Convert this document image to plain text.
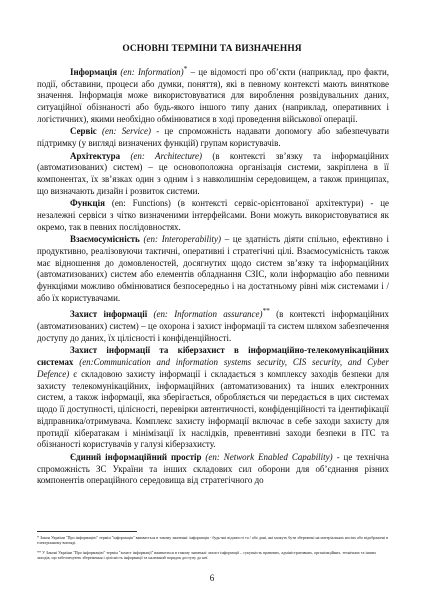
ОСНОВНІ ТЕРМІНИ ТА ВИЗНАЧЕННЯ

Інформація (en: Information)* – це відомості про об’єкти (наприклад, про факти, події, обставини, процеси або думки, поняття), які в певному контексті мають виняткове значення. Інформація може використовуватися для вироблення розвідувальних даних, ситуаційної обізнаності або будь-якого іншого типу даних (наприклад, оперативних і логістичних), якими необхідно обмінюватися в ході проведення військової операції.

Сервіс (en: Service) - це спроможність надавати допомогу або забезпечувати підтримку (у вигляді визначених функцій) групам користувачів.

Архітектура (en: Architecture) (в контексті зв’язку та інформаційних (автоматизованих) систем) – це основоположна організація системи, закріплена в її компонентах, їх зв’язках один з одним і з навколишнім середовищем, а також принципах, що визначають дизайн і розвиток системи.

Функція (en: Functions) (в контексті сервіс-орієнтованої архітектури) - це незалежні сервіси з чітко визначеними інтерфейсами. Вони можуть використовуватися як окремо, так в певних послідовностях.

Взаємосумісність (en: Interoperability) – це здатність діяти спільно, ефективно і продуктивно, реалізовуючи тактичні, оперативні і стратегічні цілі. Взаємосумісність також має відношення до домовленостей, досягнутих щодо систем зв’язку та інформаційних (автоматизованих) систем або елементів обладнання СЗІС, коли інформацію або певними функціями можливо обмінюватися безпосередньо і на достатньому рівні між системами і / або їх користувачами.

Захист інформації (en: Information assurance)** (в контексті інформаційних (автоматизованих) систем) – це охорона і захист інформації та систем шляхом забезпечення доступу до даних, їх цілісності і конфіденційності.

Захист інформації та кіберзахист в інформаційно-телекомунікаційних системах (en:Communication and information systems security, CIS security, and Cyber Defence) є складовою захисту інформації і складається з комплексу заходів безпеки для захисту телекомунікаційних, інформаційних (автоматизованих) та інших електронних систем, а також інформації, яка зберігається, обробляється чи передається в цих системах щодо її доступності, цілісності, перевірки автентичності, конфіденційності та ідентифікації відправника/отримувача. Комплекс захисту інформації включає в себе заходи захисту для протидії кібератакам і мінімізації їх наслідків, превентивні заходи безпеки в ІТС та обізнаності користувачів у галузі кіберзахисту.

Єдиний інформаційний простір (en: Network Enabled Capability) - це технічна спроможність ЗС України та інших складових сил оборони для об’єднання різних компонентів операційного середовища від стратегічного до

* Закон України "Про інформацію" термін "інформація" вживається в такому значенні: інформація - будь-які відомості та / або дані, які можуть бути збережені на матеріальних носіях або відображені в електронному вигляді.

** У Законі України "Про інформацію" термін "захист інформації" вживається в такому значенні: захист інформації – сукупність правових, адміністративних, організаційних, технічних та інших заходів, що забезпечують збереження і цілісність інформації та належний порядок доступу до неї.

6
